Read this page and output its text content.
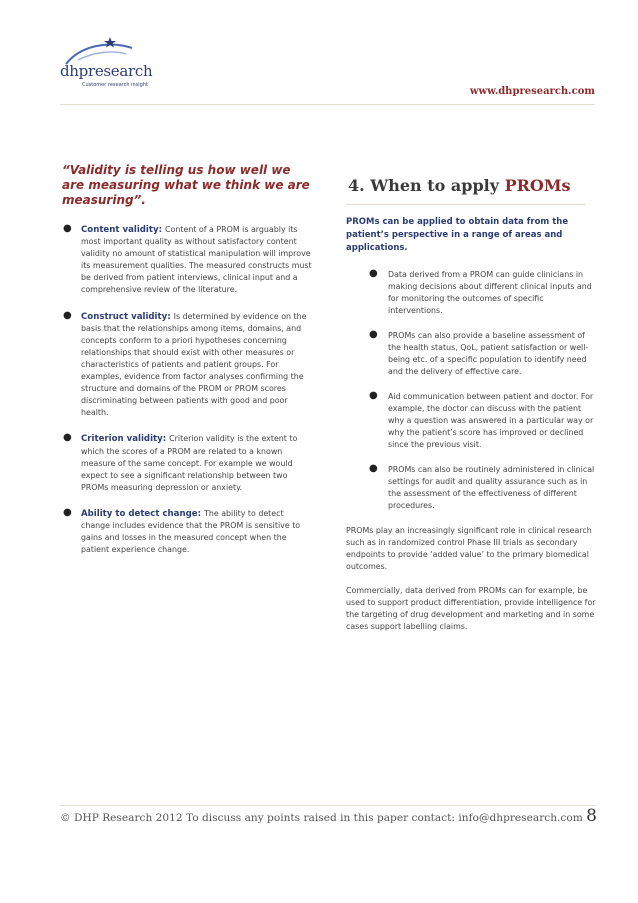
dhpresearch
Customer research insight
www.dhpresearch.com

“Validity is telling us how well we are measuring what we think we are measuring”.

● Content validity: Content of a PROM is arguably its most important quality as without satisfactory content validity no amount of statistical manipulation will improve its measurement qualities. The measured constructs must be derived from patient interviews, clinical input and a comprehensive review of the literature.
● Construct validity: Is determined by evidence on the basis that the relationships among items, domains, and concepts conform to a priori hypotheses concerning relationships that should exist with other measures or characteristics of patients and patient groups. For examples, evidence from factor analyses confirming the structure and domains of the PROM or PROM scores discriminating between patients with good and poor health.
● Criterion validity: Criterion validity is the extent to which the scores of a PROM are related to a known measure of the same concept. For example we would expect to see a significant relationship between two PROMs measuring depression or anxiety.
● Ability to detect change: The ability to detect change includes evidence that the PROM is sensitive to gains and losses in the measured concept when the patient experience change.
4. When to apply PROMs

PROMs can be applied to obtain data from the patient’s perspective in a range of areas and applications.

● Data derived from a PROM can guide clinicians in making decisions about different clinical inputs and for monitoring the outcomes of specific interventions.
● PROMs can also provide a baseline assessment of the health status, QoL, patient satisfaction or well-being etc. of a specific population to identify need and the delivery of effective care.
● Aid communication between patient and doctor. For example, the doctor can discuss with the patient why a question was answered in a particular way or why the patient’s score has improved or declined since the previous visit.
● PROMs can also be routinely administered in clinical settings for audit and quality assurance such as in the assessment of the effectiveness of different procedures.

PROMs play an increasingly significant role in clinical research such as in randomized control Phase III trials as secondary endpoints to provide ‘added value’ to the primary biomedical outcomes.

Commercially, data derived from PROMs can for example, be used to support product differentiation, provide intelligence for the targeting of drug development and marketing and in some cases support labelling claims.

© DHP Research 2012 To discuss any points raised in this paper contact: info@dhpresearch.com 8
